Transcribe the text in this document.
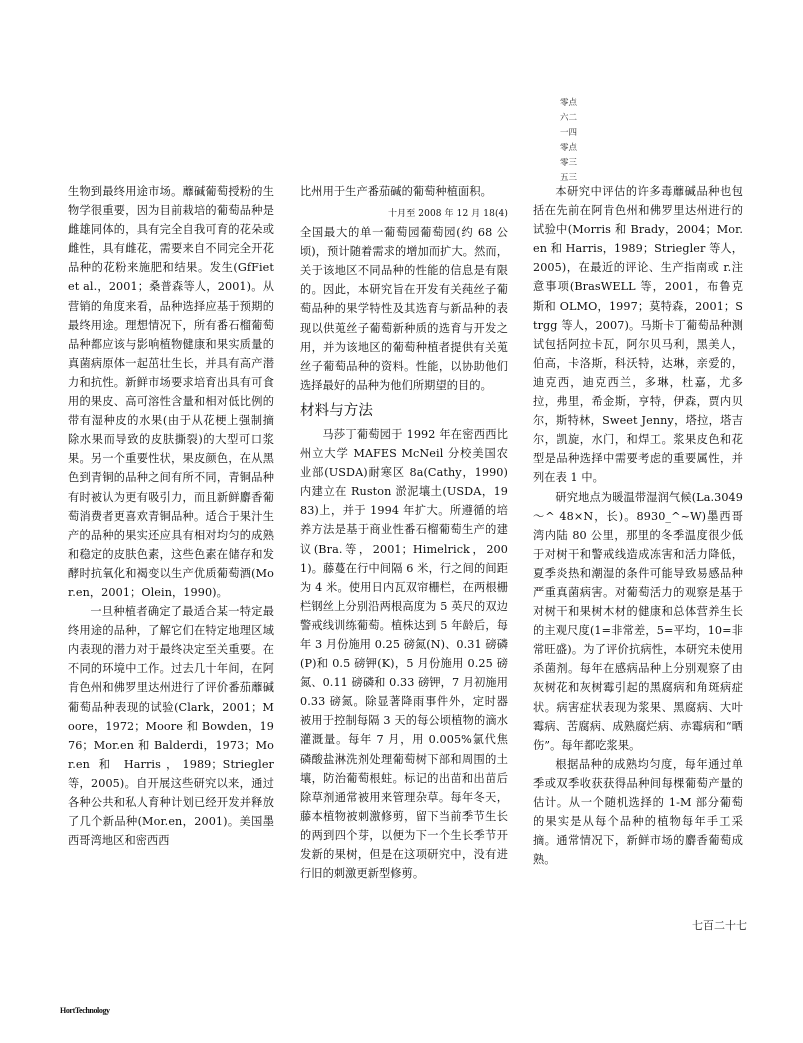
零点
六二
一四
零点
零三
五三

生物到最终用途市场。蘼碱葡萄授粉的生物学很重要，因为目前栽培的葡萄品种是雌雄同体的，具有完全自我可育的花朵或雌性，具有雌花，需要来自不同完全开花品种的花粉来施肥和结果。发生(GfFiet et al.，2001；桑普森等人，2001)。从营销的角度来看，品种选择应基于预期的最终用途。理想情况下，所有番石榴葡萄品种都应该与影响植物健康和果实质量的真菌病原体一起茁壮生长，并具有高产潜力和抗性。新鲜市场要求培育出具有可食用的果皮、高可溶性含量和相对低比例的带有湿种皮的水果(由于从花梗上强制摘除水果而导致的皮肤撕裂)的大型可口浆果。另一个重要性状，果皮颜色，在从黑色到青铜的品种之间有所不同，青铜品种有时被认为更有吸引力，而且新鲜麝香葡萄消费者更喜欢青铜品种。适合于果汁生产的品种的果实还应具有相对均匀的成熟和稳定的皮肤色素，这些色素在储存和发酵时抗氧化和褐变以生产优质葡萄酒(Mor.en，2001；Olein，1990)。

一旦种植者确定了最适合某一特定最终用途的品种，了解它们在特定地理区域内表现的潜力对于最终决定至关重要。在不同的环境中工作。过去几十年间，在阿肯色州和佛罗里达州进行了评价番茄蘼碱葡萄品种表现的试验(Clark，2001；Moore，1972；Moore 和 Bowden，1976；Mor.en 和 Balderdi，1973；Mor.en 和 Harris，1989；Striegler 等，2005)。自开展这些研究以来，通过各种公共和私人育种计划已经开发并释放了几个新品种(Mor.en，2001)。美国墨西哥湾地区和密西西

比州用于生产番茄碱的葡萄种植面积。

十月至 2008 年 12 月 18(4)

全国最大的单一葡萄园葡萄园(约 68 公顷)，预计随着需求的增加而扩大。然而，关于该地区不同品种的性能的信息是有限的。因此，本研究旨在开发有关莼丝子葡萄品种的果学特性及其选育与新品种的表现以供莵丝子葡萄新种质的选育与开发之用，并为该地区的葡萄种植者提供有关莵丝子葡萄品种的资料。性能，以协助他们选择最好的品种为他们所期望的目的。

材料与方法

马莎丁葡萄园于 1992 年在密西西比州立大学 MAFES McNeil 分校美国农业部(USDA)耐寒区 8a(Cathy，1990)内建立在 Ruston 淤泥壤土(USDA，1983)上，并于 1994 年扩大。所遵循的培养方法是基于商业性番石榴葡萄生产的建议(Bra.等，2001；Himelrick，2001)。藤蔓在行中间隔 6 米，行之间的间距为 4 米。使用日内瓦双帘栅栏，在两根栅栏钢丝上分别沿两根高度为 5 英尺的双边警戒线训练葡萄。植株达到 5 年龄后，每年 3 月份施用 0.25 磅氮(N)、0.31 磅磷(P)和 0.5 磅钾(K)，5 月份施用 0.25 磅氮、0.11 磅磷和 0.33 磅钾，7 月初施用 0.33 磅氮。除显著降雨事件外，定时器被用于控制每隔 3 天的每公顷植物的滴水灌溉量。每年 7 月，用 0.005%氯代焦磷酸盐淋洗剂处理葡萄树下部和周围的土壤，防治葡萄根蛀。标记的出苗和出苗后除草剂通常被用来管理杂草。每年冬天，藤本植物被刺激修剪，留下当前季节生长的两到四个芽，以便为下一个生长季节开发新的果树，但是在这项研究中，没有进行旧的刺激更新型修剪。

本研究中评估的许多毒蘼碱品种也包括在先前在阿肯色州和佛罗里达州进行的试验中(Morris 和 Brady，2004；Mor.en 和 Harris，1989；Striegler 等人，2005)，在最近的评论、生产指南或 r.注意事项(BrasWELL 等，2001，布鲁克斯和 OLMO，1997；莫特森，2001；Strgg 等人，2007)。马斯卡丁葡萄品种测试包括阿拉卡瓦，阿尔贝马利，黑美人，伯高，卡洛斯，科沃特，达琳，亲爱的，迪克西，迪克西兰，多琳，杜嘉，尤多拉，弗里，希金斯，亨特，伊森，贾内贝尔，斯特林，Sweet Jenny，塔拉，塔吉尔，凯旋，水门，和焊工。浆果皮色和花型是品种选择中需要考虑的重要属性，并列在表 1 中。

研究地点为暖温带湿润气候(La.3049～^ 48×N，长)。8930_^~W)墨西哥湾内陆 80 公里，那里的冬季温度很少低于对树干和警戒线造成冻害和活力降低，夏季炎热和潮湿的条件可能导致易感品种严重真菌病害。对葡萄活力的观察是基于对树干和果树木材的健康和总体营养生长的主观尺度(1=非常差，5=平均，10=非常旺盛)。为了评价抗病性，本研究未使用杀菌剂。每年在感病品种上分别观察了由灰树花和灰树霉引起的黑腐病和角斑病症状。病害症状表现为浆果、黑腐病、大叶霉病、苦腐病、成熟腐烂病、赤霉病和“晒伤”。每年都吃浆果。

根据品种的成熟均匀度，每年通过单季或双季收获获得品种间每棵葡萄产量的估计。从一个随机选择的 1-M 部分葡萄的果实是从每个品种的植物每年手工采摘。通常情况下，新鲜市场的麝香葡萄成熟。

七百二十七
HortTechnology
